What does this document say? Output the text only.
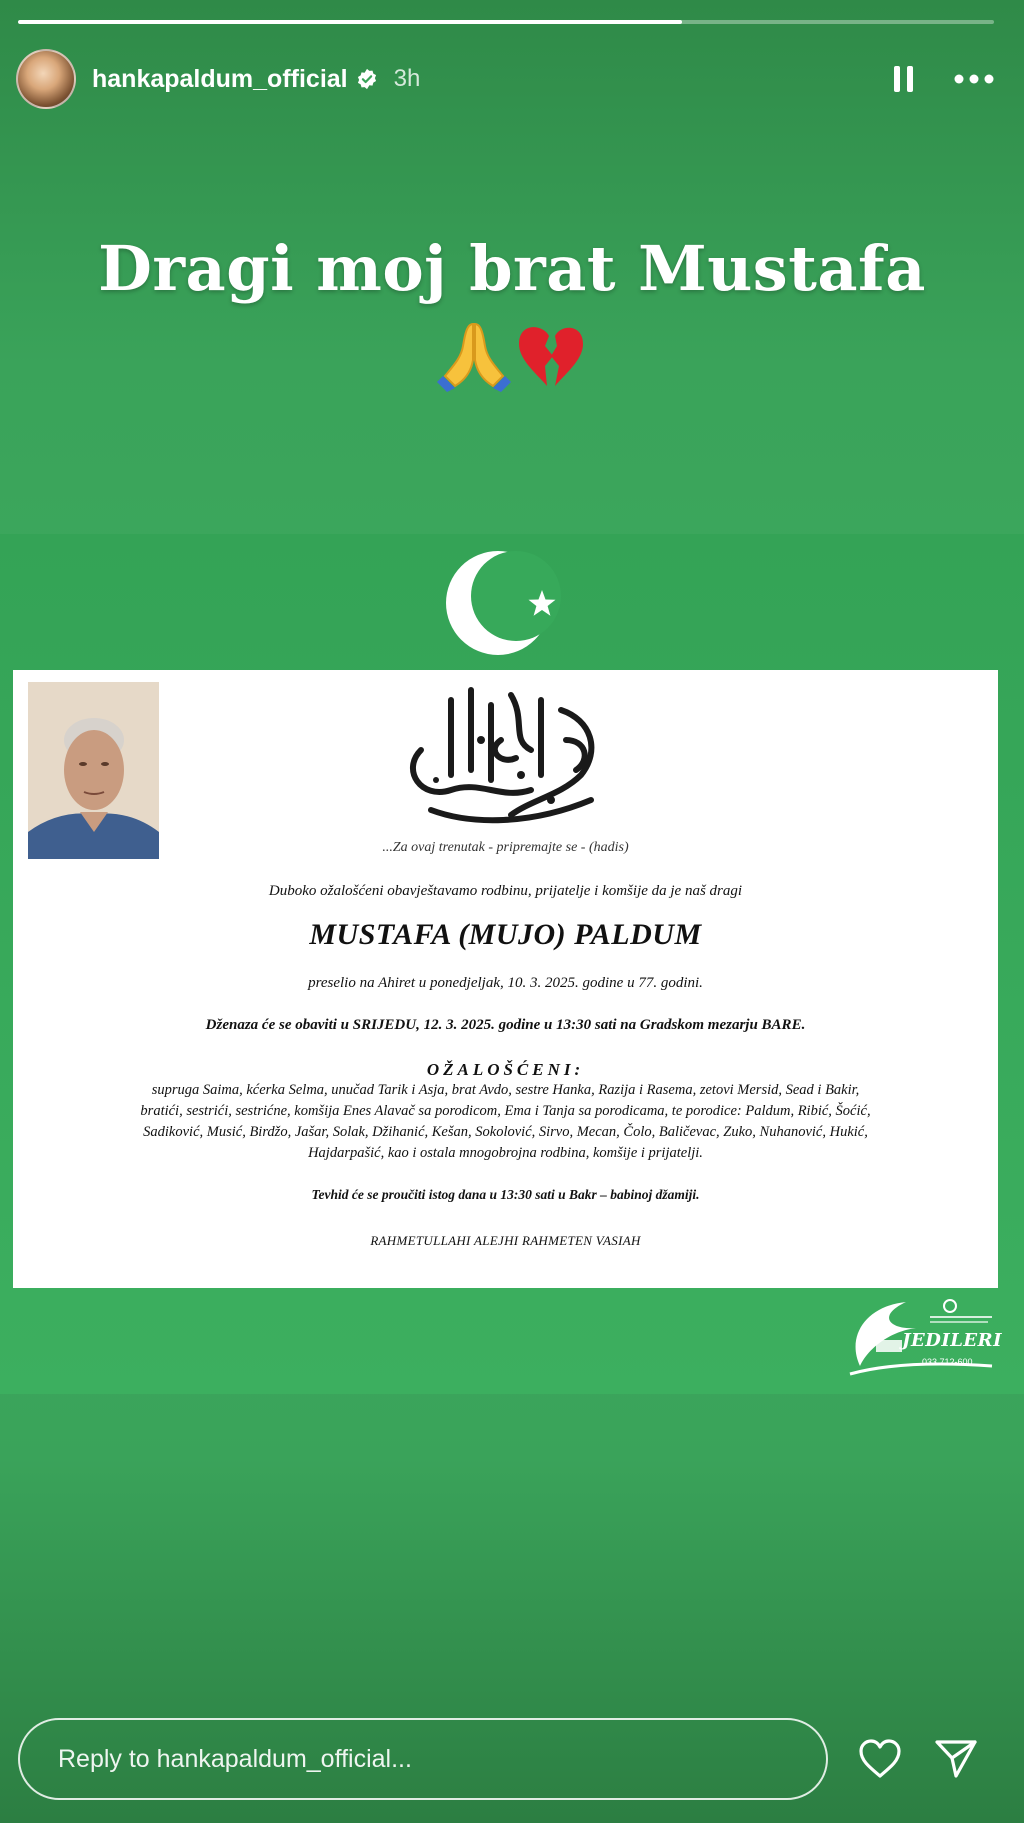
hankapaldum_official 3h
Dragi moj brat Mustafa
...Za ovaj trenutak - pripremajte se - (hadis)
Duboko ožalošćeni obavještavamo rodbinu, prijatelje i komšije da je naš dragi
MUSTAFA (MUJO) PALDUM
preselio na Ahiret u ponedjeljak, 10. 3. 2025. godine u 77. godini.
Dženaza će se obaviti u SRIJEDU, 12. 3. 2025. godine u 13:30 sati na Gradskom mezarju BARE.
OŽALOŠĆENI:
supruga Saima, kćerka Selma, unučad Tarik i Asja, brat Avdo, sestre Hanka, Razija i Rasema, zetovi Mersid, Sead i Bakir,
bratići, sestrići, sestrićne, komšija Enes Alavač sa porodicom, Ema i Tanja sa porodicama, te porodice: Paldum, Ribić, Šoćić,
Sadiković, Musić, Birdžo, Jašar, Solak, Džihanić, Kešan, Sokolović, Sirvo, Mecan, Čolo, Baličevac, Zuko, Nuhanović, Hukić,
Hajdarpašić, kao i ostala mnogobrojna rodbina, komšije i prijatelji.
Tevhid će se proučiti istog dana u 13:30 sati u Bakr – babinoj džamiji.
RAHMETULLAHI ALEJHI RAHMETEN VASIAH
JEDILERI
033 712-600
Reply to hankapaldum_official...
